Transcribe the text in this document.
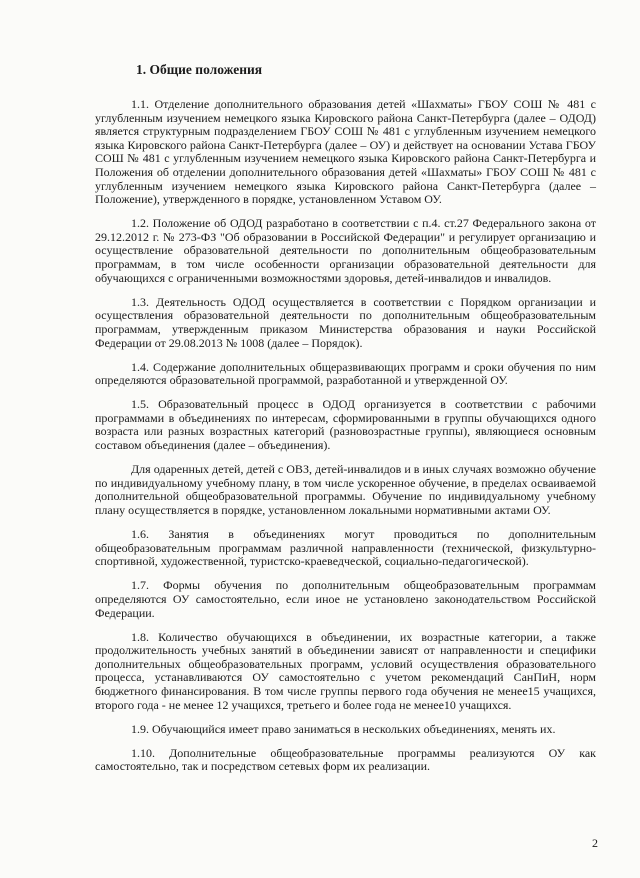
1. Общие положения

1.1. Отделение дополнительного образования детей «Шахматы» ГБОУ СОШ № 481 с углубленным изучением немецкого языка Кировского района Санкт-Петербурга (далее – ОДОД) является структурным подразделением ГБОУ СОШ № 481 с углубленным изучением немецкого языка Кировского района Санкт-Петербурга (далее – ОУ) и действует на основании Устава ГБОУ СОШ № 481 с углубленным изучением немецкого языка Кировского района Санкт-Петербурга и Положения об отделении дополнительного образования детей «Шахматы» ГБОУ СОШ № 481 с углубленным изучением немецкого языка Кировского района Санкт-Петербурга (далее – Положение), утвержденного в порядке, установленном Уставом ОУ.

1.2. Положение об ОДОД разработано в соответствии с п.4. ст.27 Федерального закона от 29.12.2012 г. № 273-ФЗ "Об образовании в Российской Федерации" и регулирует организацию и осуществление образовательной деятельности по дополнительным общеобразовательным программам, в том числе особенности организации образовательной деятельности для обучающихся с ограниченными возможностями здоровья, детей-инвалидов и инвалидов.

1.3. Деятельность ОДОД осуществляется в соответствии с Порядком организации и осуществления образовательной деятельности по дополнительным общеобразовательным программам, утвержденным приказом Министерства образования и науки Российской Федерации от 29.08.2013 № 1008 (далее – Порядок).

1.4. Содержание дополнительных общеразвивающих программ и сроки обучения по ним определяются образовательной программой, разработанной и утвержденной ОУ.

1.5. Образовательный процесс в ОДОД организуется в соответствии с рабочими программами в объединениях по интересам, сформированными в группы обучающихся одного возраста или разных возрастных категорий (разновозрастные группы), являющиеся основным составом объединения (далее – объединения).

Для одаренных детей, детей с ОВЗ, детей-инвалидов и в иных случаях возможно обучение по индивидуальному учебному плану, в том числе ускоренное обучение, в пределах осваиваемой дополнительной общеобразовательной программы. Обучение по индивидуальному учебному плану осуществляется в порядке, установленном локальными нормативными актами ОУ.

1.6. Занятия в объединениях могут проводиться по дополнительным общеобразовательным программам различной направленности (технической, физкультурно-спортивной, художественной, туристско-краеведческой, социально-педагогической).

1.7. Формы обучения по дополнительным общеобразовательным программам определяются ОУ самостоятельно, если иное не установлено законодательством Российской Федерации.

1.8. Количество обучающихся в объединении, их возрастные категории, а также продолжительность учебных занятий в объединении зависят от направленности и специфики дополнительных общеобразовательных программ, условий осуществления образовательного процесса, устанавливаются ОУ самостоятельно с учетом рекомендаций СанПиН, норм бюджетного финансирования. В том числе группы первого года обучения не менее15 учащихся, второго года - не менее 12 учащихся, третьего и более года не менее10 учащихся.

1.9. Обучающийся имеет право заниматься в нескольких объединениях, менять их.

1.10. Дополнительные общеобразовательные программы реализуются ОУ как самостоятельно, так и посредством сетевых форм их реализации.

2
